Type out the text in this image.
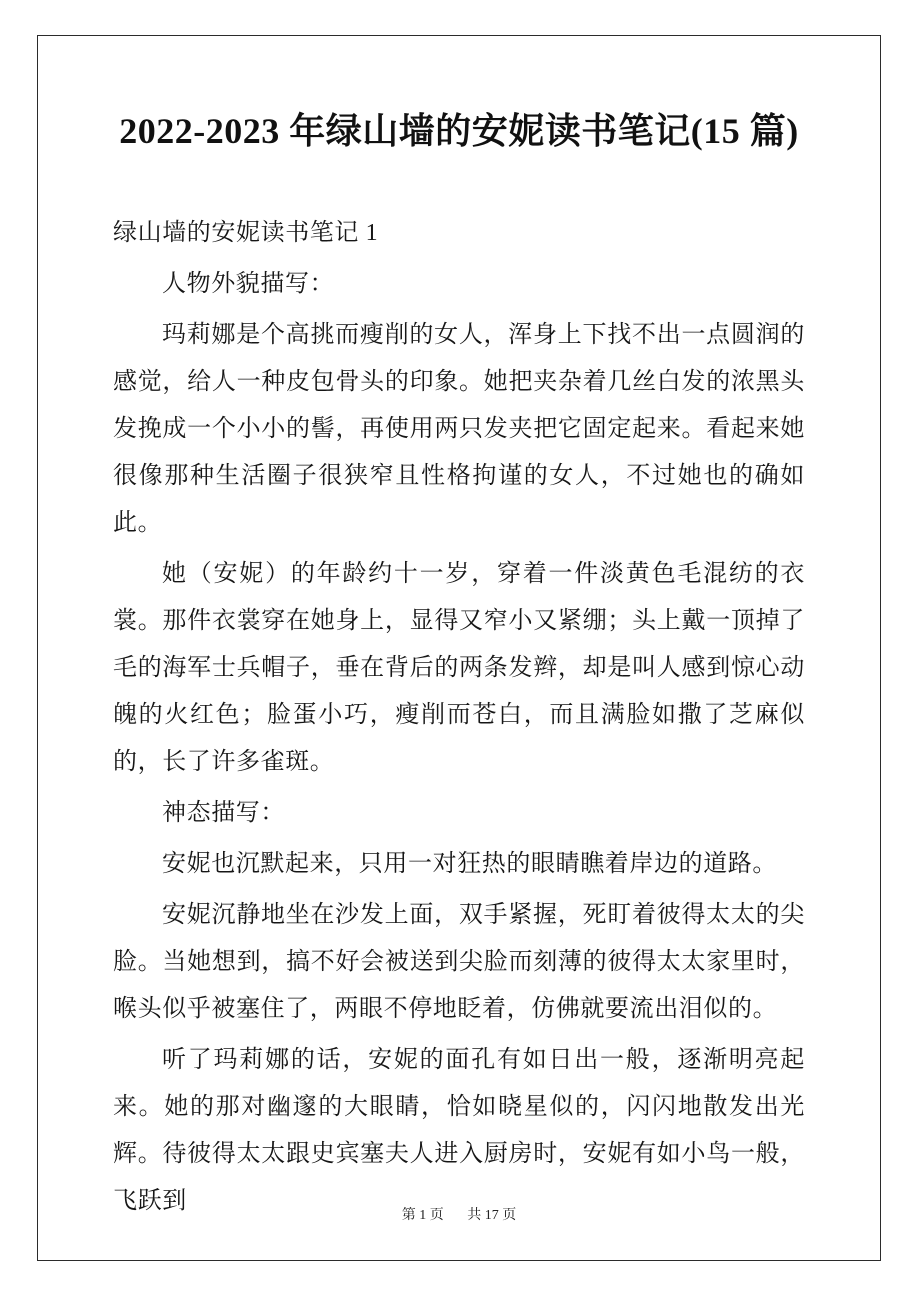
2022-2023 年绿山墙的安妮读书笔记(15 篇)

绿山墙的安妮读书笔记 1

人物外貌描写：

玛莉娜是个高挑而瘦削的女人，浑身上下找不出一点圆润的感觉，给人一种皮包骨头的印象。她把夹杂着几丝白发的浓黑头发挽成一个小小的髻，再使用两只发夹把它固定起来。看起来她很像那种生活圈子很狭窄且性格拘谨的女人，不过她也的确如此。

她（安妮）的年龄约十一岁，穿着一件淡黄色毛混纺的衣裳。那件衣裳穿在她身上，显得又窄小又紧绷；头上戴一顶掉了毛的海军士兵帽子，垂在背后的两条发辫，却是叫人感到惊心动魄的火红色；脸蛋小巧，瘦削而苍白，而且满脸如撒了芝麻似的，长了许多雀斑。

神态描写：

安妮也沉默起来，只用一对狂热的眼睛瞧着岸边的道路。

安妮沉静地坐在沙发上面，双手紧握，死盯着彼得太太的尖脸。当她想到，搞不好会被送到尖脸而刻薄的彼得太太家里时，喉头似乎被塞住了，两眼不停地眨着，仿佛就要流出泪似的。

听了玛莉娜的话，安妮的面孔有如日出一般，逐渐明亮起来。她的那对幽邃的大眼睛，恰如晓星似的，闪闪地散发出光辉。待彼得太太跟史宾塞夫人进入厨房时，安妮有如小鸟一般，飞跃到

第 1 页 共 17 页
